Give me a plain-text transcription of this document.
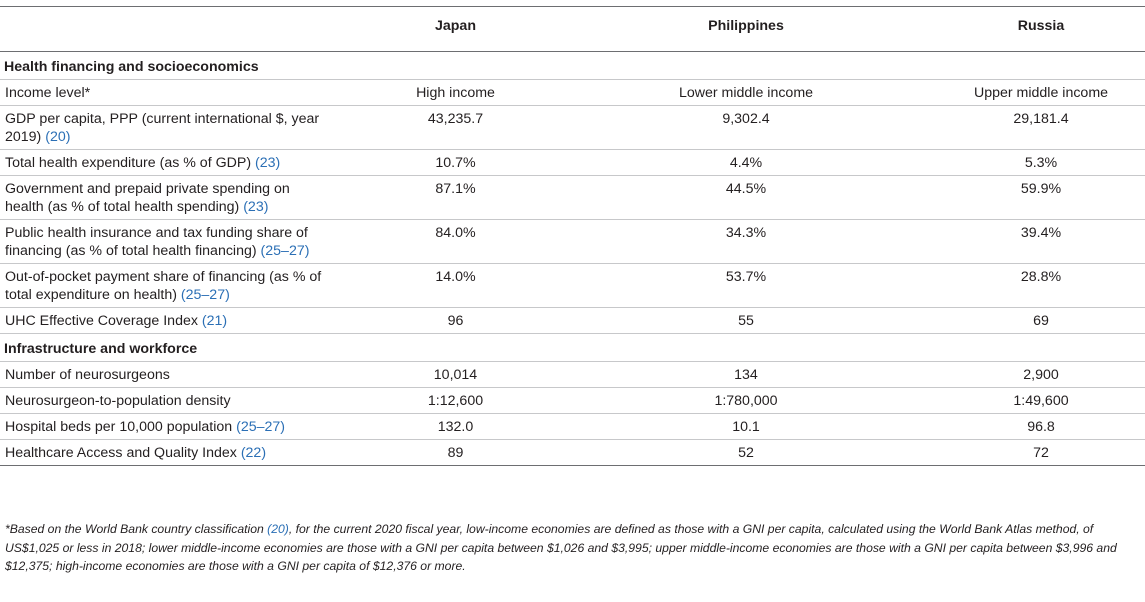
	Japan	Philippines	Russia
Health financing and socioeconomics			
Income level*	High income	Lower middle income	Upper middle income
GDP per capita, PPP (current international $, year 2019) (20)	43,235.7	9,302.4	29,181.4
Total health expenditure (as % of GDP) (23)	10.7%	4.4%	5.3%
Government and prepaid private spending on health (as % of total health spending) (23)	87.1%	44.5%	59.9%
Public health insurance and tax funding share of financing (as % of total health financing) (25–27)	84.0%	34.3%	39.4%
Out-of-pocket payment share of financing (as % of total expenditure on health) (25–27)	14.0%	53.7%	28.8%
UHC Effective Coverage Index (21)	96	55	69
Infrastructure and workforce			
Number of neurosurgeons	10,014	134	2,900
Neurosurgeon-to-population density	1:12,600	1:780,000	1:49,600
Hospital beds per 10,000 population (25–27)	132.0	10.1	96.8
Healthcare Access and Quality Index (22)	89	52	72
*Based on the World Bank country classification (20), for the current 2020 fiscal year, low-income economies are defined as those with a GNI per capita, calculated using the World Bank Atlas method, of US$1,025 or less in 2018; lower middle-income economies are those with a GNI per capita between $1,026 and $3,995; upper middle-income economies are those with a GNI per capita between $3,996 and $12,375; high-income economies are those with a GNI per capita of $12,376 or more.
